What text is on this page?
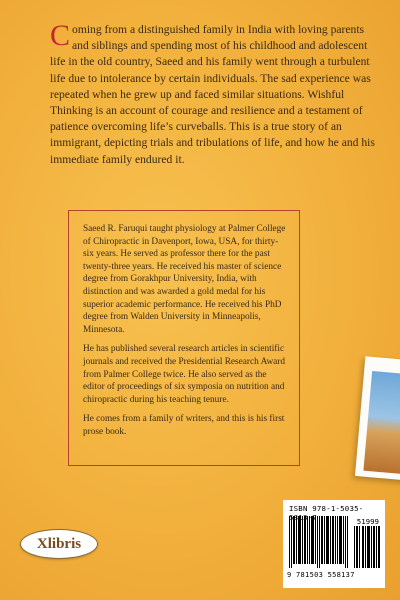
Coming from a distinguished family in India with loving parents and siblings and spending most of his childhood and adolescent life in the old country, Saeed and his family went through a turbulent life due to intolerance by certain individuals. The sad experience was repeated when he grew up and faced similar situations. Wishful Thinking is an account of courage and resilience and a testament of patience overcoming life’s curveballs. This is a true story of an immigrant, depicting trials and tribulations of life, and how he and his immediate family endured it.

Saeed R. Faruqui taught physiology at Palmer College of Chiropractic in Davenport, Iowa, USA, for thirty-six years. He served as professor there for the past twenty-three years. He received his master of science degree from Gorakhpur University, India, with distinction and was awarded a gold medal for his superior academic performance. He received his PhD degree from Walden University in Minneapolis, Minnesota.

He has published several research articles in scientific journals and received the Presidential Research Award from Palmer College twice. He also served as the editor of proceedings of six symposia on nutrition and chiropractic during his teaching tenure.

He comes from a family of writers, and this is his first prose book.

ISBN 978-1-5035- 8 7	51999
9 781503 558137
Xlibris
